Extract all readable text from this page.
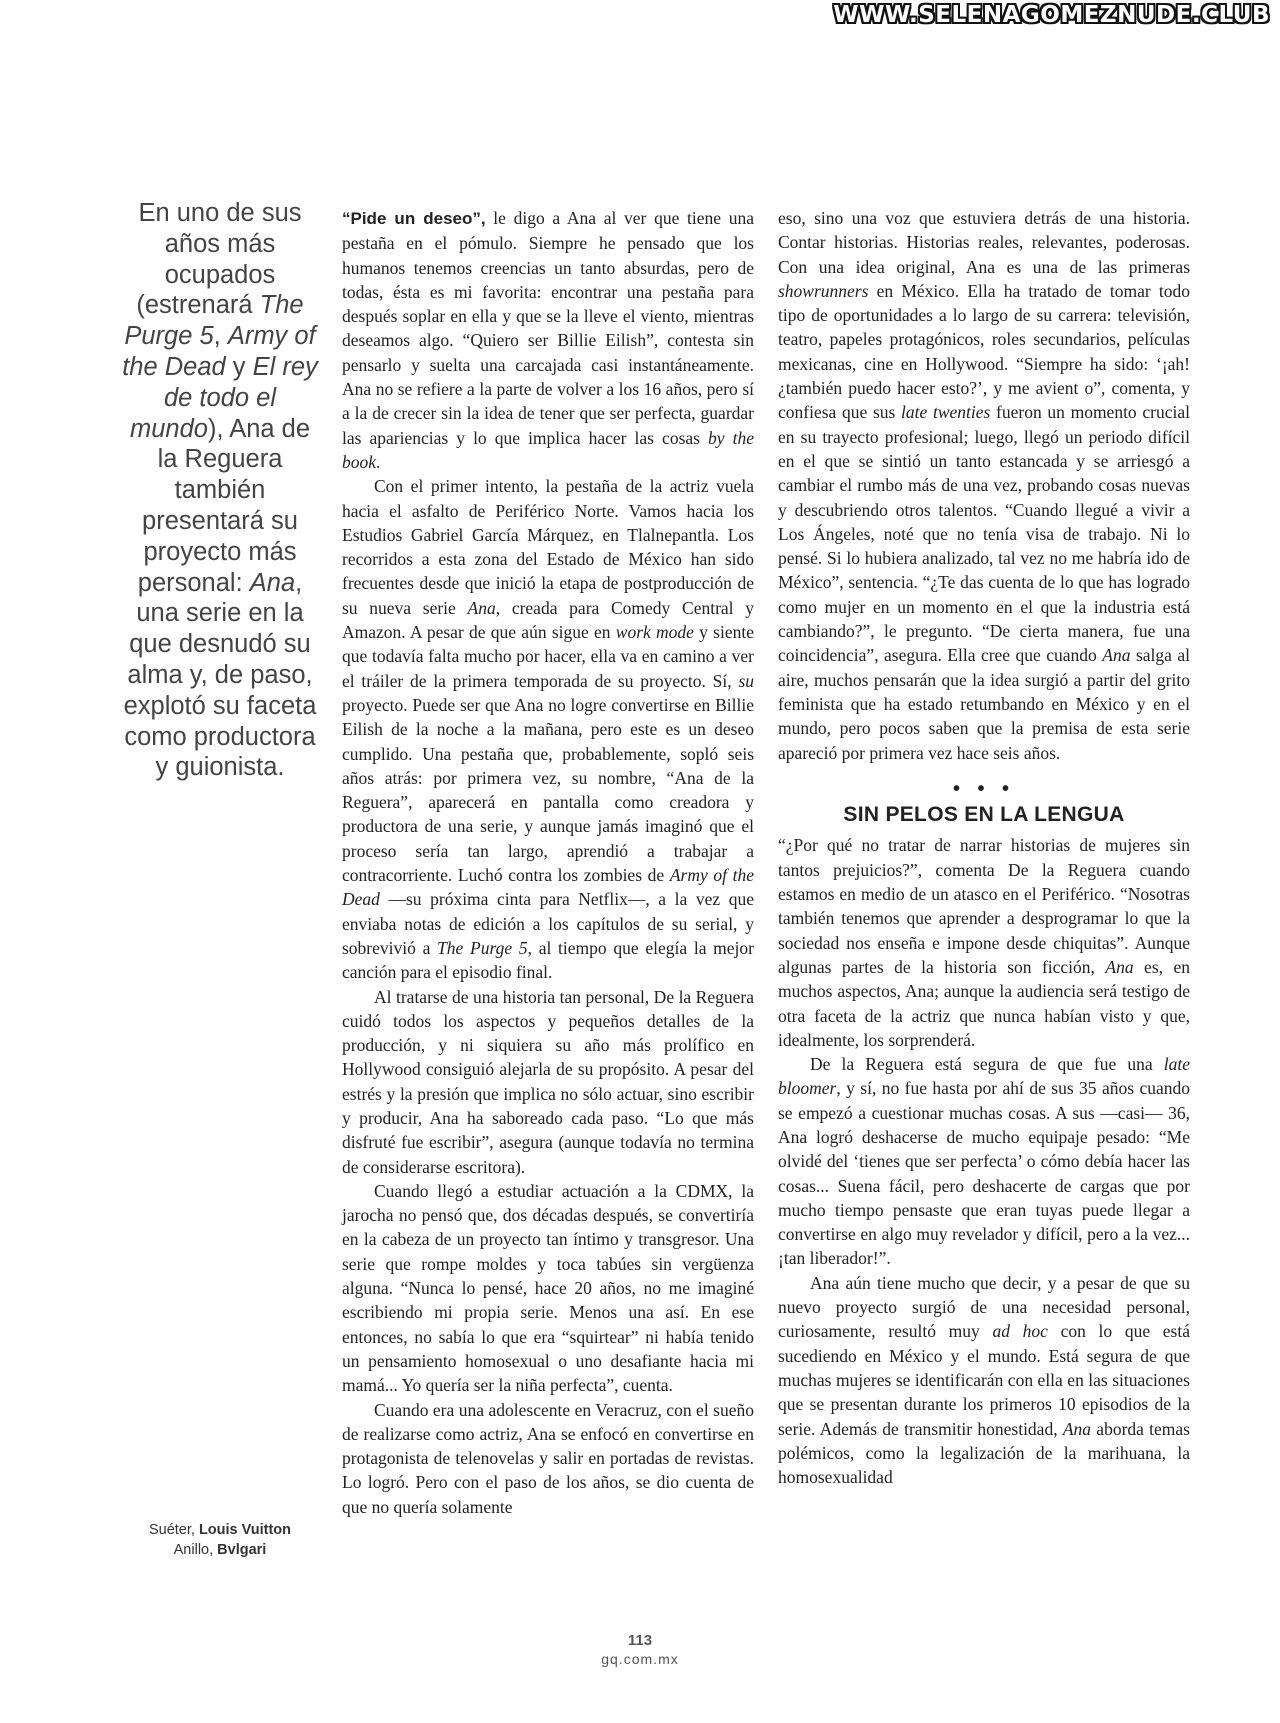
WWW.SELENAGOMEZNUDE.CLUB

En uno de sus años más ocupados (estrenará The Purge 5, Army of the Dead y El rey de todo el mundo), Ana de la Reguera también presentará su proyecto más personal: Ana, una serie en la que desnudó su alma y, de paso, explotó su faceta como productora y guionista.

“Pide un deseo”, le digo a Ana al ver que tiene una pestaña en el pómulo. Siempre he pensado que los humanos tenemos creencias un tanto absurdas, pero de todas, ésta es mi favorita: encontrar una pestaña para después soplar en ella y que se la lleve el viento, mientras deseamos algo. “Quiero ser Billie Eilish”, contesta sin pensarlo y suelta una carcajada casi instantáneamente. Ana no se refiere a la parte de volver a los 16 años, pero sí a la de crecer sin la idea de tener que ser perfecta, guardar las apariencias y lo que implica hacer las cosas by the book.

Con el primer intento, la pestaña de la actriz vuela hacia el asfalto de Periférico Norte. Vamos hacia los Estudios Gabriel García Márquez, en Tlalnepantla. Los recorridos a esta zona del Estado de México han sido frecuentes desde que inició la etapa de postproducción de su nueva serie Ana, creada para Comedy Central y Amazon. A pesar de que aún sigue en work mode y siente que todavía falta mucho por hacer, ella va en camino a ver el tráiler de la primera temporada de su proyecto. Sí, su proyecto. Puede ser que Ana no logre convertirse en Billie Eilish de la noche a la mañana, pero este es un deseo cumplido. Una pestaña que, probablemente, sopló seis años atrás: por primera vez, su nombre, “Ana de la Reguera”, aparecerá en pantalla como creadora y productora de una serie, y aunque jamás imaginó que el proceso sería tan largo, aprendió a trabajar a contracorriente. Luchó contra los zombies de Army of the Dead —su próxima cinta para Netflix—, a la vez que enviaba notas de edición a los capítulos de su serial, y sobrevivió a The Purge 5, al tiempo que elegía la mejor canción para el episodio final.

Al tratarse de una historia tan personal, De la Reguera cuidó todos los aspectos y pequeños detalles de la producción, y ni siquiera su año más prolífico en Hollywood consiguió alejarla de su propósito. A pesar del estrés y la presión que implica no sólo actuar, sino escribir y producir, Ana ha saboreado cada paso. “Lo que más disfruté fue escribir”, asegura (aunque todavía no termina de considerarse escritora).

Cuando llegó a estudiar actuación a la CDMX, la jarocha no pensó que, dos décadas después, se convertiría en la cabeza de un proyecto tan íntimo y transgresor. Una serie que rompe moldes y toca tabúes sin vergüenza alguna. “Nunca lo pensé, hace 20 años, no me imaginé escribiendo mi propia serie. Menos una así. En ese entonces, no sabía lo que era “squirtear” ni había tenido un pensamiento homosexual o uno desafiante hacia mi mamá... Yo quería ser la niña perfecta”, cuenta.

Cuando era una adolescente en Veracruz, con el sueño de realizarse como actriz, Ana se enfocó en convertirse en protagonista de telenovelas y salir en portadas de revistas. Lo logró. Pero con el paso de los años, se dio cuenta de que no quería solamente

eso, sino una voz que estuviera detrás de una historia. Contar historias. Historias reales, relevantes, poderosas. Con una idea original, Ana es una de las primeras showrunners en México. Ella ha tratado de tomar todo tipo de oportunidades a lo largo de su carrera: televisión, teatro, papeles protagónicos, roles secundarios, películas mexicanas, cine en Hollywood. “Siempre ha sido: ‘¡ah! ¿también puedo hacer esto?’, y me avient o”, comenta, y confiesa que sus late twenties fueron un momento crucial en su trayecto profesional; luego, llegó un periodo difícil en el que se sintió un tanto estancada y se arriesgó a cambiar el rumbo más de una vez, probando cosas nuevas y descubriendo otros talentos. “Cuando llegué a vivir a Los Ángeles, noté que no tenía visa de trabajo. Ni lo pensé. Si lo hubiera analizado, tal vez no me habría ido de México”, sentencia. “¿Te das cuenta de lo que has logrado como mujer en un momento en el que la industria está cambiando?”, le pregunto. “De cierta manera, fue una coincidencia”, asegura. Ella cree que cuando Ana salga al aire, muchos pensarán que la idea surgió a partir del grito feminista que ha estado retumbando en México y en el mundo, pero pocos saben que la premisa de esta serie apareció por primera vez hace seis años.

• • •
SIN PELOS EN LA LENGUA

“¿Por qué no tratar de narrar historias de mujeres sin tantos prejuicios?”, comenta De la Reguera cuando estamos en medio de un atasco en el Periférico. “Nosotras también tenemos que aprender a desprogramar lo que la sociedad nos enseña e impone desde chiquitas”. Aunque algunas partes de la historia son ficción, Ana es, en muchos aspectos, Ana; aunque la audiencia será testigo de otra faceta de la actriz que nunca habían visto y que, idealmente, los sorprenderá.

De la Reguera está segura de que fue una late bloomer, y sí, no fue hasta por ahí de sus 35 años cuando se empezó a cuestionar muchas cosas. A sus —casi— 36, Ana logró deshacerse de mucho equipaje pesado: “Me olvidé del ‘tienes que ser perfecta’ o cómo debía hacer las cosas... Suena fácil, pero deshacerte de cargas que por mucho tiempo pensaste que eran tuyas puede llegar a convertirse en algo muy revelador y difícil, pero a la vez... ¡tan liberador!”.

Ana aún tiene mucho que decir, y a pesar de que su nuevo proyecto surgió de una necesidad personal, curiosamente, resultó muy ad hoc con lo que está sucediendo en México y el mundo. Está segura de que muchas mujeres se identificarán con ella en las situaciones que se presentan durante los primeros 10 episodios de la serie. Además de transmitir honestidad, Ana aborda temas polémicos, como la legalización de la marihuana, la homosexualidad

Suéter, Louis Vuitton
Anillo, Bvlgari
113
gq.com.mx
